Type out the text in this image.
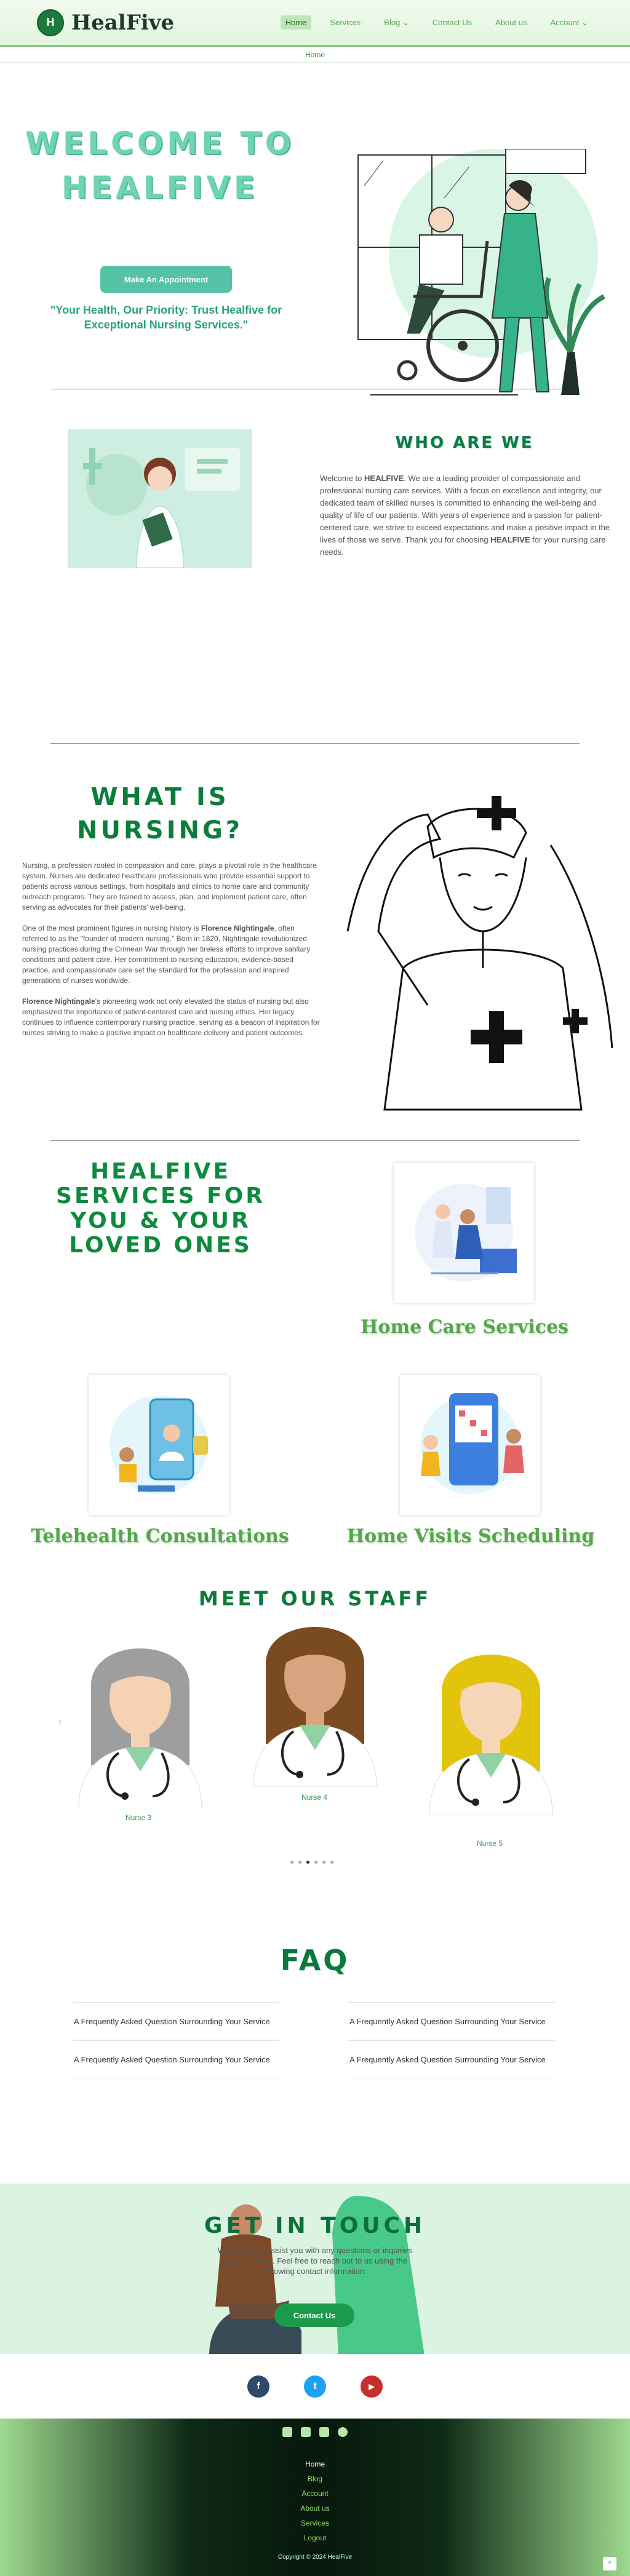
H HealFive	Home	Services	Blog ⌄	Contact Us	About us	Account ⌄
Home
WELCOME TO
HEALFIVE
Make An Appointment
"Your Health, Our Priority: Trust Healfive for Exceptional Nursing Services."
WHO ARE WE
Welcome to HEALFIVE. We are a leading provider of compassionate and professional nursing care services. With a focus on excellence and integrity, our dedicated team of skilled nurses is committed to enhancing the well-being and quality of life of our patients. With years of experience and a passion for patient-centered care, we strive to exceed expectations and make a positive impact in the lives of those we serve. Thank you for choosing HEALFIVE for your nursing care needs.
WHAT IS
NURSING?

Nursing, a profession rooted in compassion and care, plays a pivotal role in the healthcare system. Nurses are dedicated healthcare professionals who provide essential support to patients across various settings, from hospitals and clinics to home care and community outreach programs. They are trained to assess, plan, and implement patient care, often serving as advocates for their patients' well-being.

One of the most prominent figures in nursing history is Florence Nightingale, often referred to as the "founder of modern nursing." Born in 1820, Nightingale revolutionized nursing practices during the Crimean War through her tireless efforts to improve sanitary conditions and patient care. Her commitment to nursing education, evidence-based practice, and compassionate care set the standard for the profession and inspired generations of nurses worldwide.

Florence Nightingale's pioneering work not only elevated the status of nursing but also emphasized the importance of patient-centered care and nursing ethics. Her legacy continues to influence contemporary nursing practice, serving as a beacon of inspiration for nurses striving to make a positive impact on healthcare delivery and patient outcomes.

HEALFIVE
SERVICES FOR
YOU & YOUR
LOVED ONES
Home Care Services
Telehealth Consultations	Home Visits Scheduling
MEET OUR STAFF
‹
Nurse 3
Nurse 4
Nurse 5
FAQ
A Frequently Asked Question Surrounding Your Service	A Frequently Asked Question Surrounding Your Service
A Frequently Asked Question Surrounding Your Service	A Frequently Asked Question Surrounding Your Service
GET IN TOUCH
We're here to assist you with any questions or inquiries you may have. Feel free to reach out to us using the following contact information:
Contact Us
f	t	▶
Home
Blog
Account
About us
Services
Logout
Copyright © 2024 HealFive
^
